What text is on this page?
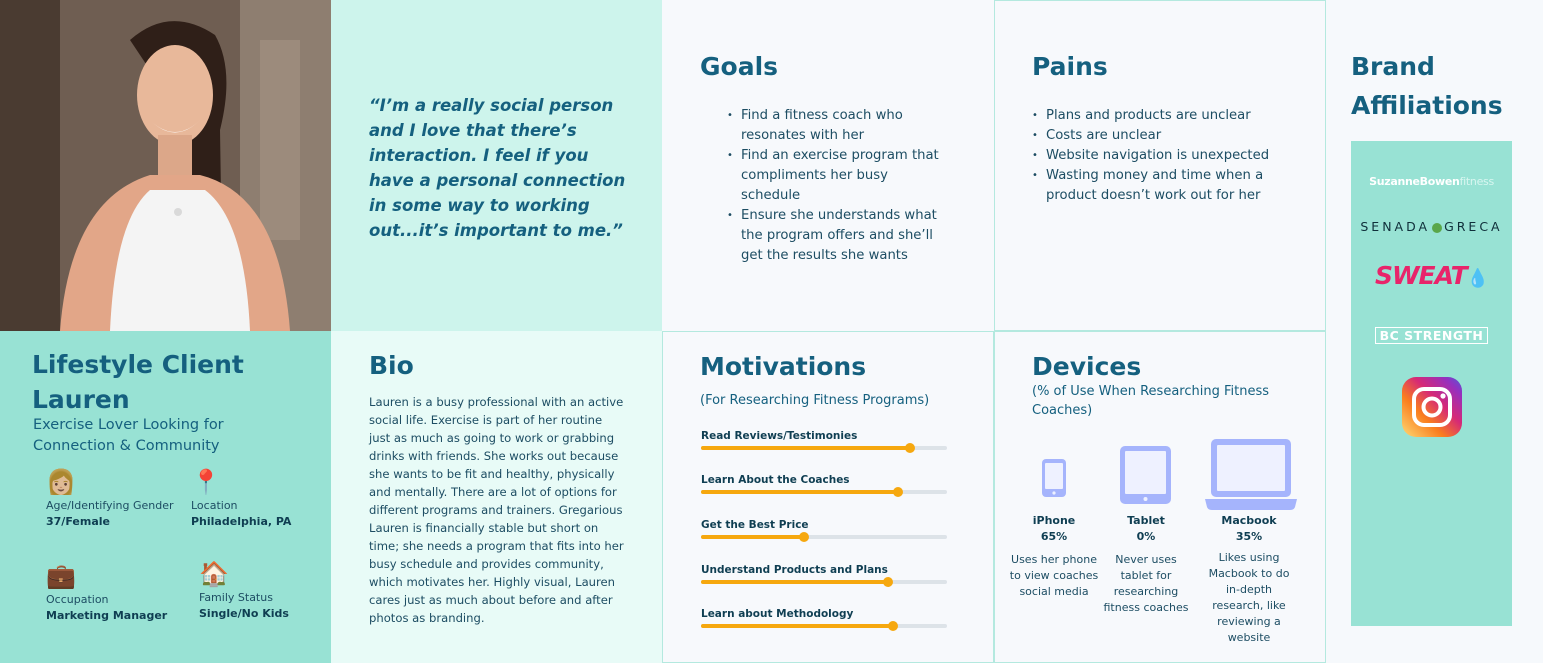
“I’m a really social person and I love that there’s interaction. I feel if you have a personal connection in some way to working out...it’s important to me.”

Goals
• Find a fitness coach who resonates with her
• Find an exercise program that compliments her busy schedule
• Ensure she understands what the program offers and she’ll get the results she wants
Pains
• Plans and products are unclear
• Costs are unclear
• Website navigation is unexpected
• Wasting money and time when a product doesn’t work out for her
Lifestyle Client Lauren
Exercise Lover Looking for Connection & Community
👩🏼
Age/Identifying Gender
37/Female
📍
Location
Philadelphia, PA
💼
Occupation
Marketing Manager
🏠
Family Status
Single/No Kids
Bio

Lauren is a busy professional with an active social life. Exercise is part of her routine just as much as going to work or grabbing drinks with friends. She works out because she wants to be fit and healthy, physically and mentally. There are a lot of options for different programs and trainers. Gregarious Lauren is financially stable but short on time; she needs a program that fits into her busy schedule and provides community, which motivates her. Highly visual, Lauren cares just as much about before and after photos as branding.

Motivations
(For Researching Fitness Programs)
Read Reviews/Testimonies
Learn About the Coaches
Get the Best Price
Understand Products and Plans
Learn about Methodology
Devices
(% of Use When Researching Fitness Coaches)
iPhone
65%
Uses her phone to view coaches social media
Tablet
0%
Never uses tablet for researching fitness coaches
Macbook
35%
Likes using Macbook to do in-depth research, like reviewing a website
Brand Affiliations
SuzanneBowenfitness
SENADA GRECA
SWEAT💧
BC STRENGTH
